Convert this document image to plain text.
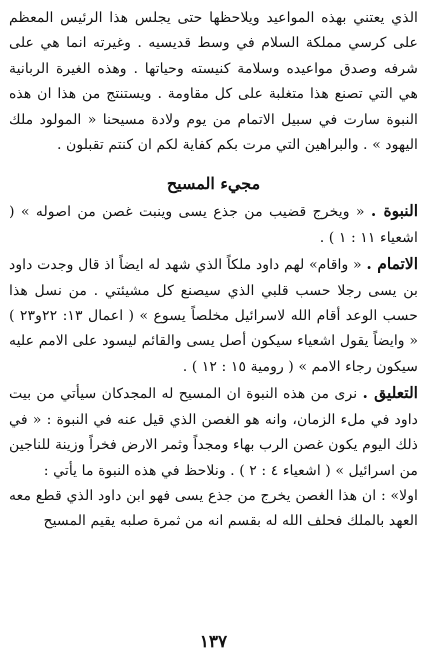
الذي يعتني بهذه المواعيد ويلاحظها حتى يجلس هذا الرئيس المعظم على كرسي مملكة السلام في وسط قديسيه . وغيرته انما هي على شرفه وصدق مواعيده وسلامة كنيسته وحياتها . وهذه الغيرة الربانية هي التي تصنع هذا متغلبة على كل مقاومة . ويستنتج من هذا ان هذه النبوة سارت في سبيل الاتمام من يوم ولادة مسيحنا « المولود ملك اليهود » . والبراهين التي مرت بكم كفاية لكم ان كنتم تقبلون .

مجيء المسيح

النبوة . « ويخرج قضيب من جذع يسى وينبت غصن من اصوله » ( اشعياء ١١ : ١ ) .

الاتمام . « واقام» لهم داود ملكاً الذي شهد له ايضاً اذ قال وجدت داود بن يسى رجلا حسب قلبي الذي سيصنع كل مشيئتي . من نسل هذا حسب الوعد أقام الله لاسرائيل مخلصاً يسوع » ( اعمال ١٣: ٢٢و٢٣ ) « وايضاً يقول اشعياء سيكون أصل يسى والقائم ليسود على الامم عليه سيكون رجاء الامم » ( رومية ١٥ : ١٢ ) .

التعليق . نرى من هذه النبوة ان المسيح له المجدكان سيأتي من بيت داود في ملء الزمان، وانه هو الغصن الذي قيل عنه في النبوة : « في ذلك اليوم يكون غصن الرب بهاء ومجداً وثمر الارض فخراً وزينة للناجين من اسرائيل » ( اشعياء ٤ : ٢ ) . ونلاحظ في هذه النبوة ما يأتي :

اولا» : ان هذا الغصن يخرج من جذع يسى فهو ابن داود الذي قطع معه العهد بالملك فحلف الله له بقسم انه من ثمرة صلبه يقيم المسيح

١٣٧
